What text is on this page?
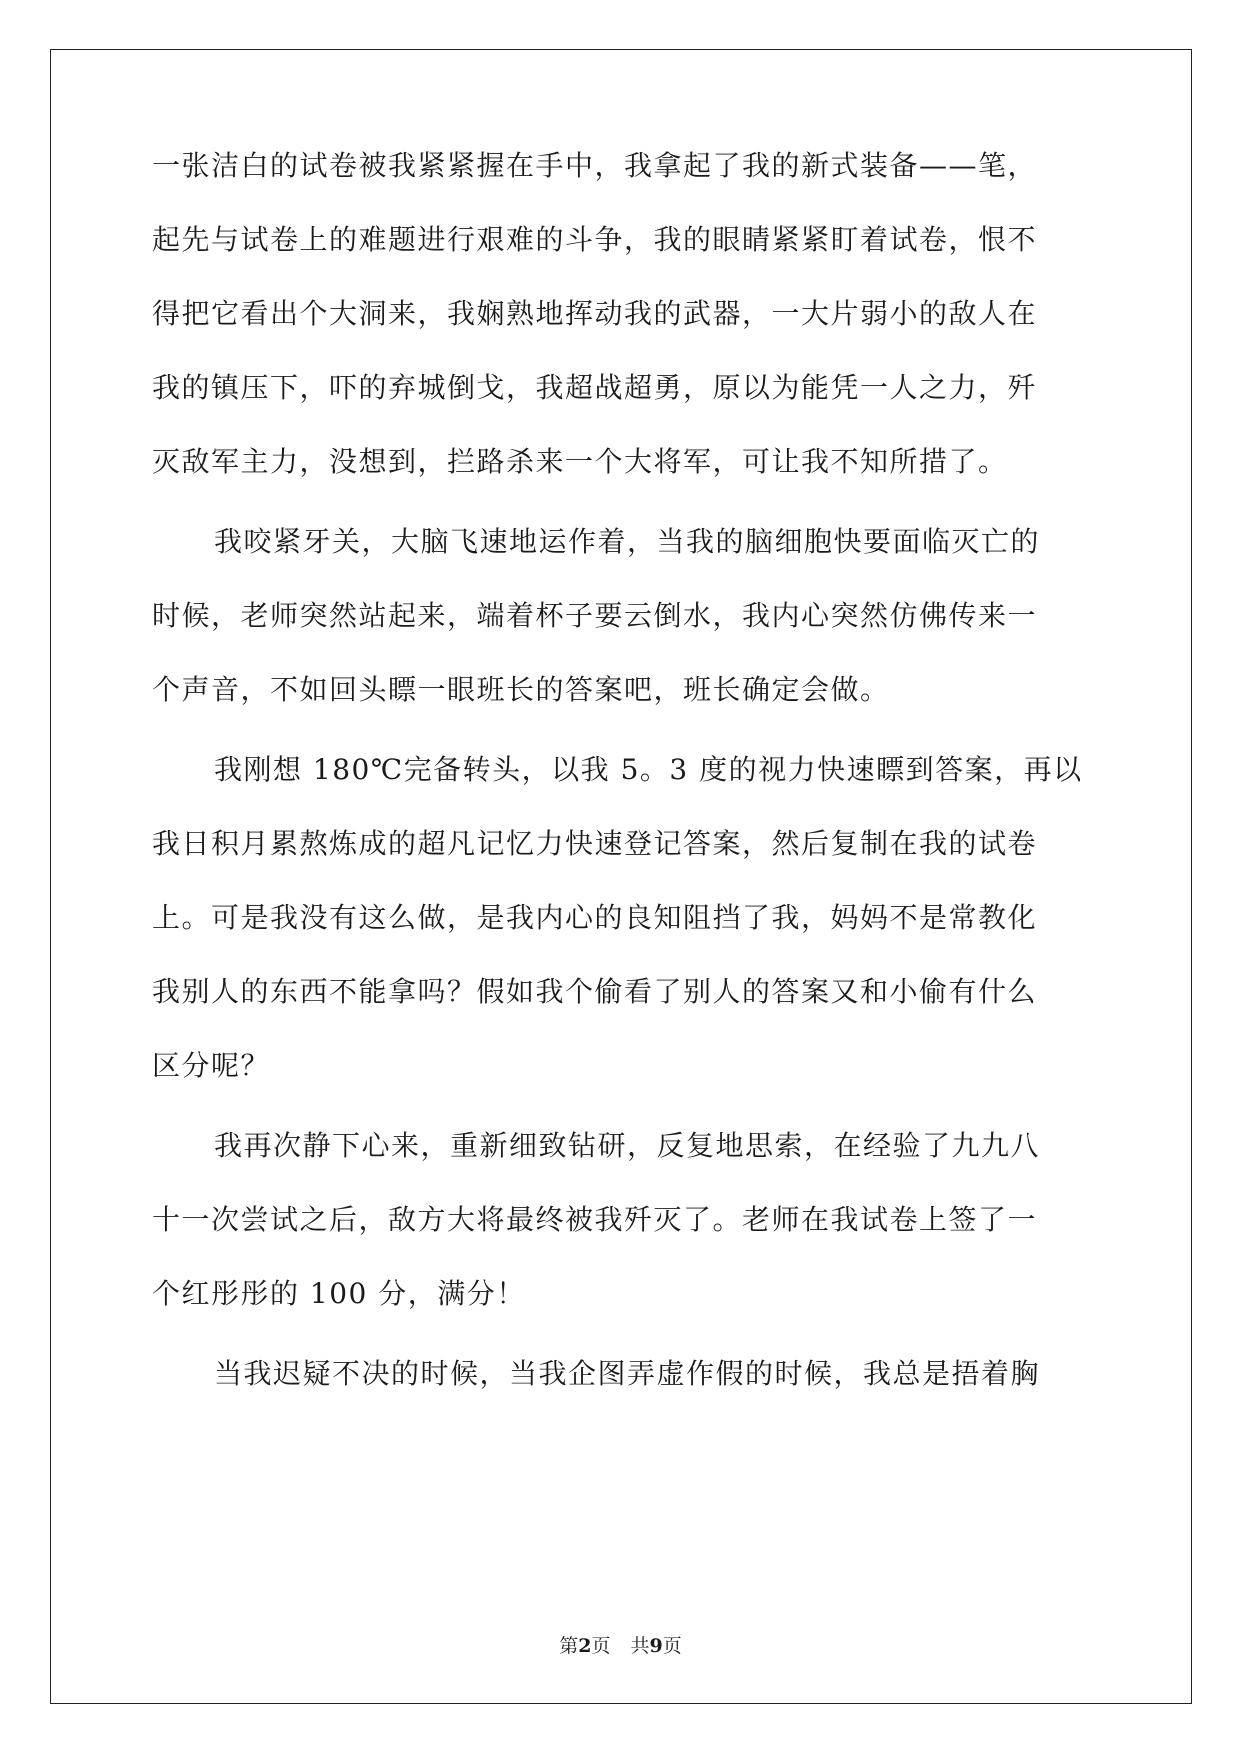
一张洁白的试卷被我紧紧握在手中，我拿起了我的新式装备——笔，
起先与试卷上的难题进行艰难的斗争，我的眼睛紧紧盯着试卷，恨不
得把它看出个大洞来，我娴熟地挥动我的武器，一大片弱小的敌人在
我的镇压下，吓的弃城倒戈，我超战超勇，原以为能凭一人之力，歼
灭敌军主力，没想到，拦路杀来一个大将军，可让我不知所措了。
我咬紧牙关，大脑飞速地运作着，当我的脑细胞快要面临灭亡的
时候，老师突然站起来，端着杯子要云倒水，我内心突然仿佛传来一
个声音，不如回头瞟一眼班长的答案吧，班长确定会做。
我刚想 180℃完备转头，以我 5。3 度的视力快速瞟到答案，再以
我日积月累熬炼成的超凡记忆力快速登记答案，然后复制在我的试卷
上。可是我没有这么做，是我内心的良知阻挡了我，妈妈不是常教化
我别人的东西不能拿吗？假如我个偷看了别人的答案又和小偷有什么
区分呢？
我再次静下心来，重新细致钻研，反复地思索，在经验了九九八
十一次尝试之后，敌方大将最终被我歼灭了。老师在我试卷上签了一
个红彤彤的 100 分，满分！
当我迟疑不决的时候，当我企图弄虚作假的时候，我总是捂着胸
第2页 共9页
